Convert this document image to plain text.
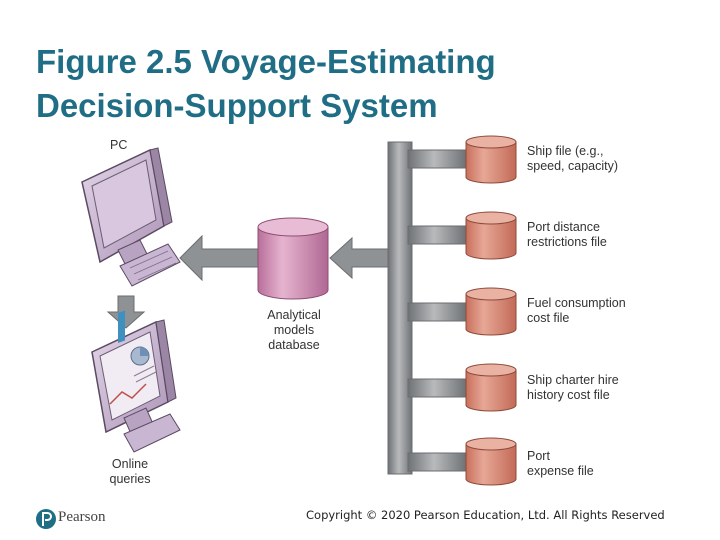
Figure 2.5 Voyage-Estimating
Decision-Support System
PC
Analytical
models
database
Online
queries
Ship file (e.g.,
speed, capacity)
Port distance
restrictions file
Fuel consumption
cost file
Ship charter hire
history cost file
Port
expense file
Pearson	Copyright © 2020 Pearson Education, Ltd. All Rights Reserved
